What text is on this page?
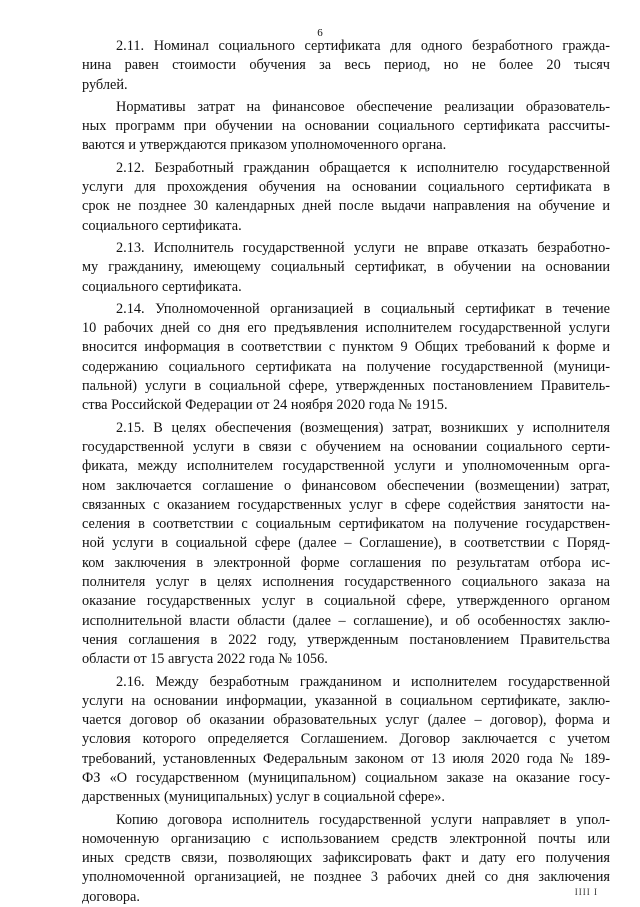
6
2.11. Номинал социального сертификата для одного безработного гражда-
нина равен стоимости обучения за весь период, но не более 20 тысяч
рублей.
Нормативы затрат на финансовое обеспечение реализации образователь-
ных программ при обучении на основании социального сертификата рассчиты-
ваются и утверждаются приказом уполномоченного органа.
2.12. Безработный гражданин обращается к исполнителю государственной
услуги для прохождения обучения на основании социального сертификата в
срок не позднее 30 календарных дней после выдачи направления на обучение и
социального сертификата.
2.13. Исполнитель государственной услуги не вправе отказать безработно-
му гражданину, имеющему социальный сертификат, в обучении на основании
социального сертификата.
2.14. Уполномоченной организацией в социальный сертификат в течение
10 рабочих дней со дня его предъявления исполнителем государственной услуги
вносится информация в соответствии с пунктом 9 Общих требований к форме и
содержанию социального сертификата на получение государственной (муници-
пальной) услуги в социальной сфере, утвержденных постановлением Правитель-
ства Российской Федерации от 24 ноября 2020 года № 1915.
2.15. В целях обеспечения (возмещения) затрат, возникших у исполнителя
государственной услуги в связи с обучением на основании социального серти-
фиката, между исполнителем государственной услуги и уполномоченным орга-
ном заключается соглашение о финансовом обеспечении (возмещении) затрат,
связанных с оказанием государственных услуг в сфере содействия занятости на-
селения в соответствии с социальным сертификатом на получение государствен-
ной услуги в социальной сфере (далее – Соглашение), в соответствии с Поряд-
ком заключения в электронной форме соглашения по результатам отбора ис-
полнителя услуг в целях исполнения государственного социального заказа на
оказание государственных услуг в социальной сфере, утвержденного органом
исполнительной власти области (далее – соглашение), и об особенностях заклю-
чения соглашения в 2022 году, утвержденным постановлением Правительства
области от 15 августа 2022 года № 1056.
2.16. Между безработным гражданином и исполнителем государственной
услуги на основании информации, указанной в социальном сертификате, заклю-
чается договор об оказании образовательных услуг (далее – договор), форма и
условия которого определяется Соглашением. Договор заключается с учетом
требований, установленных Федеральным законом от 13 июля 2020 года № 189-
ФЗ «О государственном (муниципальном) социальном заказе на оказание госу-
дарственных (муниципальных) услуг в социальной сфере».
Копию договора исполнитель государственной услуги направляет в упол-
номоченную организацию с использованием средств электронной почты или
иных средств связи, позволяющих зафиксировать факт и дату его получения
уполномоченной организацией, не позднее 3 рабочих дней со дня заключения
договора.	ІІІІ І
